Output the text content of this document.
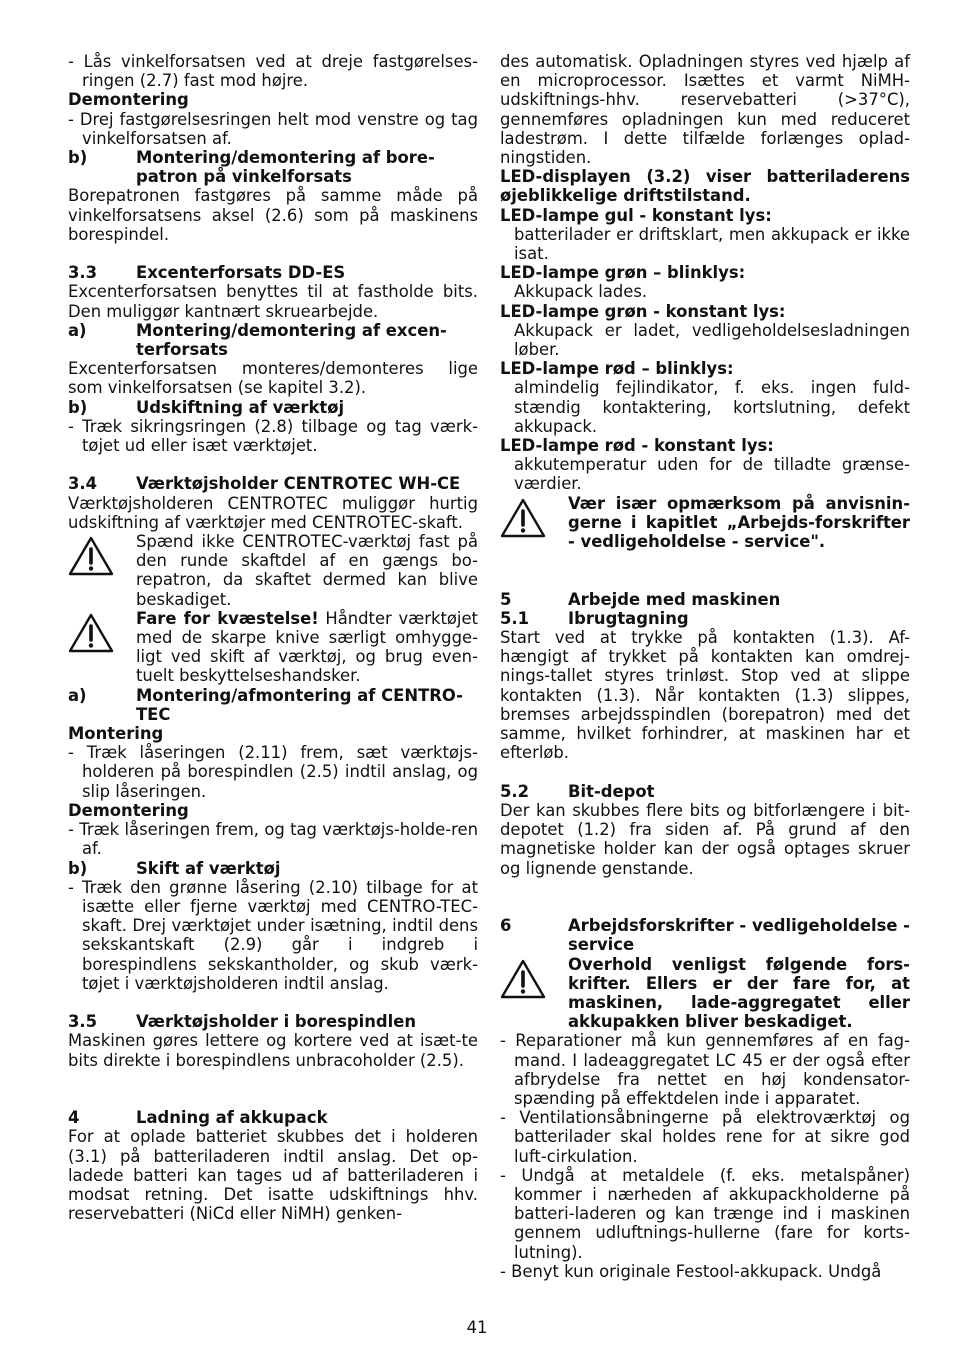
- Lås vinkelforsatsen ved at dreje fastgørelses-ringen (2.7) fast mod højre.

Demontering

- Drej fastgørelsesringen helt mod venstre og tag vinkelforsatsen af.

b)	Montering/demontering af bore-patron på vinkelforsats

Borepatronen fastgøres på samme måde på vinkelforsatsens aksel (2.6) som på maskinens borespindel.

3.3	Excenterforsats DD-ES

Excenterforsatsen benyttes til at fastholde bits. Den muliggør kantnært skruearbejde.

a)	Montering/demontering af excen-terforsats

Excenterforsatsen monteres/demonteres lige som vinkelforsatsen (se kapitel 3.2).

b)	Udskiftning af værktøj

- Træk sikringsringen (2.8) tilbage og tag værk-tøjet ud eller isæt værktøjet.

3.4	Værktøjsholder CENTROTEC WH-CE

Værktøjsholderen CENTROTEC muliggør hurtig udskiftning af værktøjer med CENTROTEC-skaft.

Spænd ikke CENTROTEC-værktøj fast på den runde skaftdel af en gængs bo-repatron, da skaftet dermed kan blive beskadiget.
Fare for kvæstelse! Håndter værktøjet med de skarpe knive særligt omhygge-ligt ved skift af værktøj, og brug even-tuelt beskyttelseshandsker.
a)	Montering/afmontering af CENTRO-TEC

Montering

- Træk låseringen (2.11) frem, sæt værktøjs-holderen på borespindlen (2.5) indtil anslag, og slip låseringen.

Demontering

- Træk låseringen frem, og tag værktøjs-holde-ren af.

b)	Skift af værktøj

- Træk den grønne låsering (2.10) tilbage for at isætte eller fjerne værktøj med CENTRO-TEC-skaft. Drej værktøjet under isætning, indtil dens sekskantskaft (2.9) går i indgreb i borespindlens sekskantholder, og skub værk-tøjet i værktøjsholderen indtil anslag.

3.5	Værktøjsholder i borespindlen

Maskinen gøres lettere og kortere ved at isæt-te bits direkte i borespindlens unbracoholder (2.5).

4	Ladning af akkupack

For at oplade batteriet skubbes det i holderen (3.1) på batteriladeren indtil anslag. Det op-ladede batteri kan tages ud af batteriladeren i modsat retning. Det isatte udskiftnings hhv. reservebatteri (NiCd eller NiMH) genken-

des automatisk. Opladningen styres ved hjælp af en microprocessor. Isættes et varmt NiMH-udskiftnings-hhv. reservebatteri (>37°C), gennemføres opladningen kun med reduceret ladestrøm. I dette tilfælde forlænges oplad-ningstiden.

LED-displayen (3.2) viser batteriladerens øjeblikkelige driftstilstand.

LED-lampe gul - konstant lys:

batterilader er driftsklart, men akkupack er ikke isat.

LED-lampe grøn – blinklys:

Akkupack lades.

LED-lampe grøn - konstant lys:

Akkupack er ladet, vedligeholdelsesladningen løber.

LED-lampe rød – blinklys:

almindelig fejlindikator, f. eks. ingen fuld-stændig kontaktering, kortslutning, defekt akkupack.

LED-lampe rød - konstant lys:

akkutemperatur uden for de tilladte grænse-værdier.

Vær især opmærksom på anvisnin-gerne i kapitlet „Arbejds-forskrifter - vedligeholdelse - service".
5	Arbejde med maskinen
5.1	Ibrugtagning

Start ved at trykke på kontakten (1.3). Af-hængigt af trykket på kontakten kan omdrej-nings-tallet styres trinløst. Stop ved at slippe kontakten (1.3). Når kontakten (1.3) slippes, bremses arbejdsspindlen (borepatron) med det samme, hvilket forhindrer, at maskinen har et efterløb.

5.2	Bit-depot

Der kan skubbes flere bits og bitforlængere i bit-depotet (1.2) fra siden af. På grund af den magnetiske holder kan der også optages skruer og lignende genstande.

6	Arbejdsforskrifter - vedligeholdelse - service
Overhold venligst følgende fors-krifter. Ellers er der fare for, at maskinen, lade-aggregatet eller akkupakken bliver beskadiget.

- Reparationer må kun gennemføres af en fag-mand. I ladeaggregatet LC 45 er der også efter afbrydelse fra nettet en høj kondensator-spænding på effektdelen inde i apparatet.

- Ventilationsåbningerne på elektroværktøj og batterilader skal holdes rene for at sikre god luft-cirkulation.

- Undgå at metaldele (f. eks. metalspåner) kommer i nærheden af akkupackholderne på batteri-laderen og kan trænge ind i maskinen gennem udluftnings-hullerne (fare for korts-lutning).

- Benyt kun originale Festool-akkupack. Undgå

41
